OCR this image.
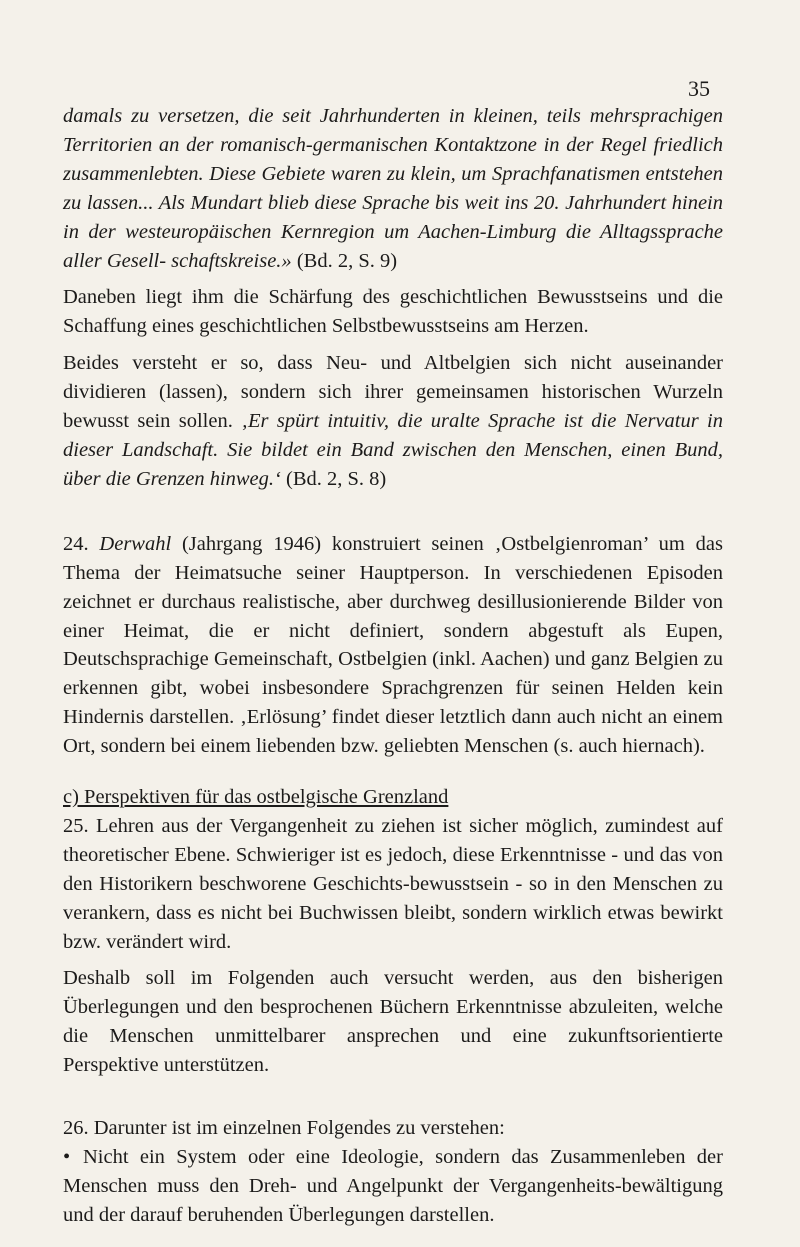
35

damals zu versetzen, die seit Jahrhunderten in kleinen, teils mehrsprachigen Territorien an der romanisch-germanischen Kontaktzone in der Regel friedlich zusammenlebten. Diese Gebiete waren zu klein, um Sprachfanatismen entstehen zu lassen... Als Mundart blieb diese Sprache bis weit ins 20. Jahrhundert hinein in der westeuropäischen Kernregion um Aachen-Limburg die Alltagssprache aller Gesell- schaftskreise.» (Bd. 2, S. 9)

Daneben liegt ihm die Schärfung des geschichtlichen Bewusstseins und die Schaffung eines geschichtlichen Selbstbewusstseins am Herzen.

Beides versteht er so, dass Neu- und Altbelgien sich nicht auseinander dividieren (lassen), sondern sich ihrer gemeinsamen historischen Wurzeln bewusst sein sollen. ‚Er spürt intuitiv, die uralte Sprache ist die Nervatur in dieser Landschaft. Sie bildet ein Band zwischen den Menschen, einen Bund, über die Grenzen hinweg.‘ (Bd. 2, S. 8)

24. Derwahl (Jahrgang 1946) konstruiert seinen ‚Ostbelgienroman’ um das Thema der Heimatsuche seiner Hauptperson. In verschiedenen Episoden zeichnet er durchaus realistische, aber durchweg desillusionierende Bilder von einer Heimat, die er nicht definiert, sondern abgestuft als Eupen, Deutschsprachige Gemeinschaft, Ostbelgien (inkl. Aachen) und ganz Belgien zu erkennen gibt, wobei insbesondere Sprachgrenzen für seinen Helden kein Hindernis darstellen. ‚Erlösung’ findet dieser letztlich dann auch nicht an einem Ort, sondern bei einem liebenden bzw. geliebten Menschen (s. auch hiernach).

c) Perspektiven für das ostbelgische Grenzland

25. Lehren aus der Vergangenheit zu ziehen ist sicher möglich, zumindest auf theoretischer Ebene. Schwieriger ist es jedoch, diese Erkenntnisse - und das von den Historikern beschworene Geschichts-bewusstsein - so in den Menschen zu verankern, dass es nicht bei Buchwissen bleibt, sondern wirklich etwas bewirkt bzw. verändert wird.

Deshalb soll im Folgenden auch versucht werden, aus den bisherigen Überlegungen und den besprochenen Büchern Erkenntnisse abzuleiten, welche die Menschen unmittelbarer ansprechen und eine zukunftsorientierte Perspektive unterstützen.

26. Darunter ist im einzelnen Folgendes zu verstehen:

• Nicht ein System oder eine Ideologie, sondern das Zusammenleben der Menschen muss den Dreh- und Angelpunkt der Vergangenheits-bewältigung und der darauf beruhenden Überlegungen darstellen.
